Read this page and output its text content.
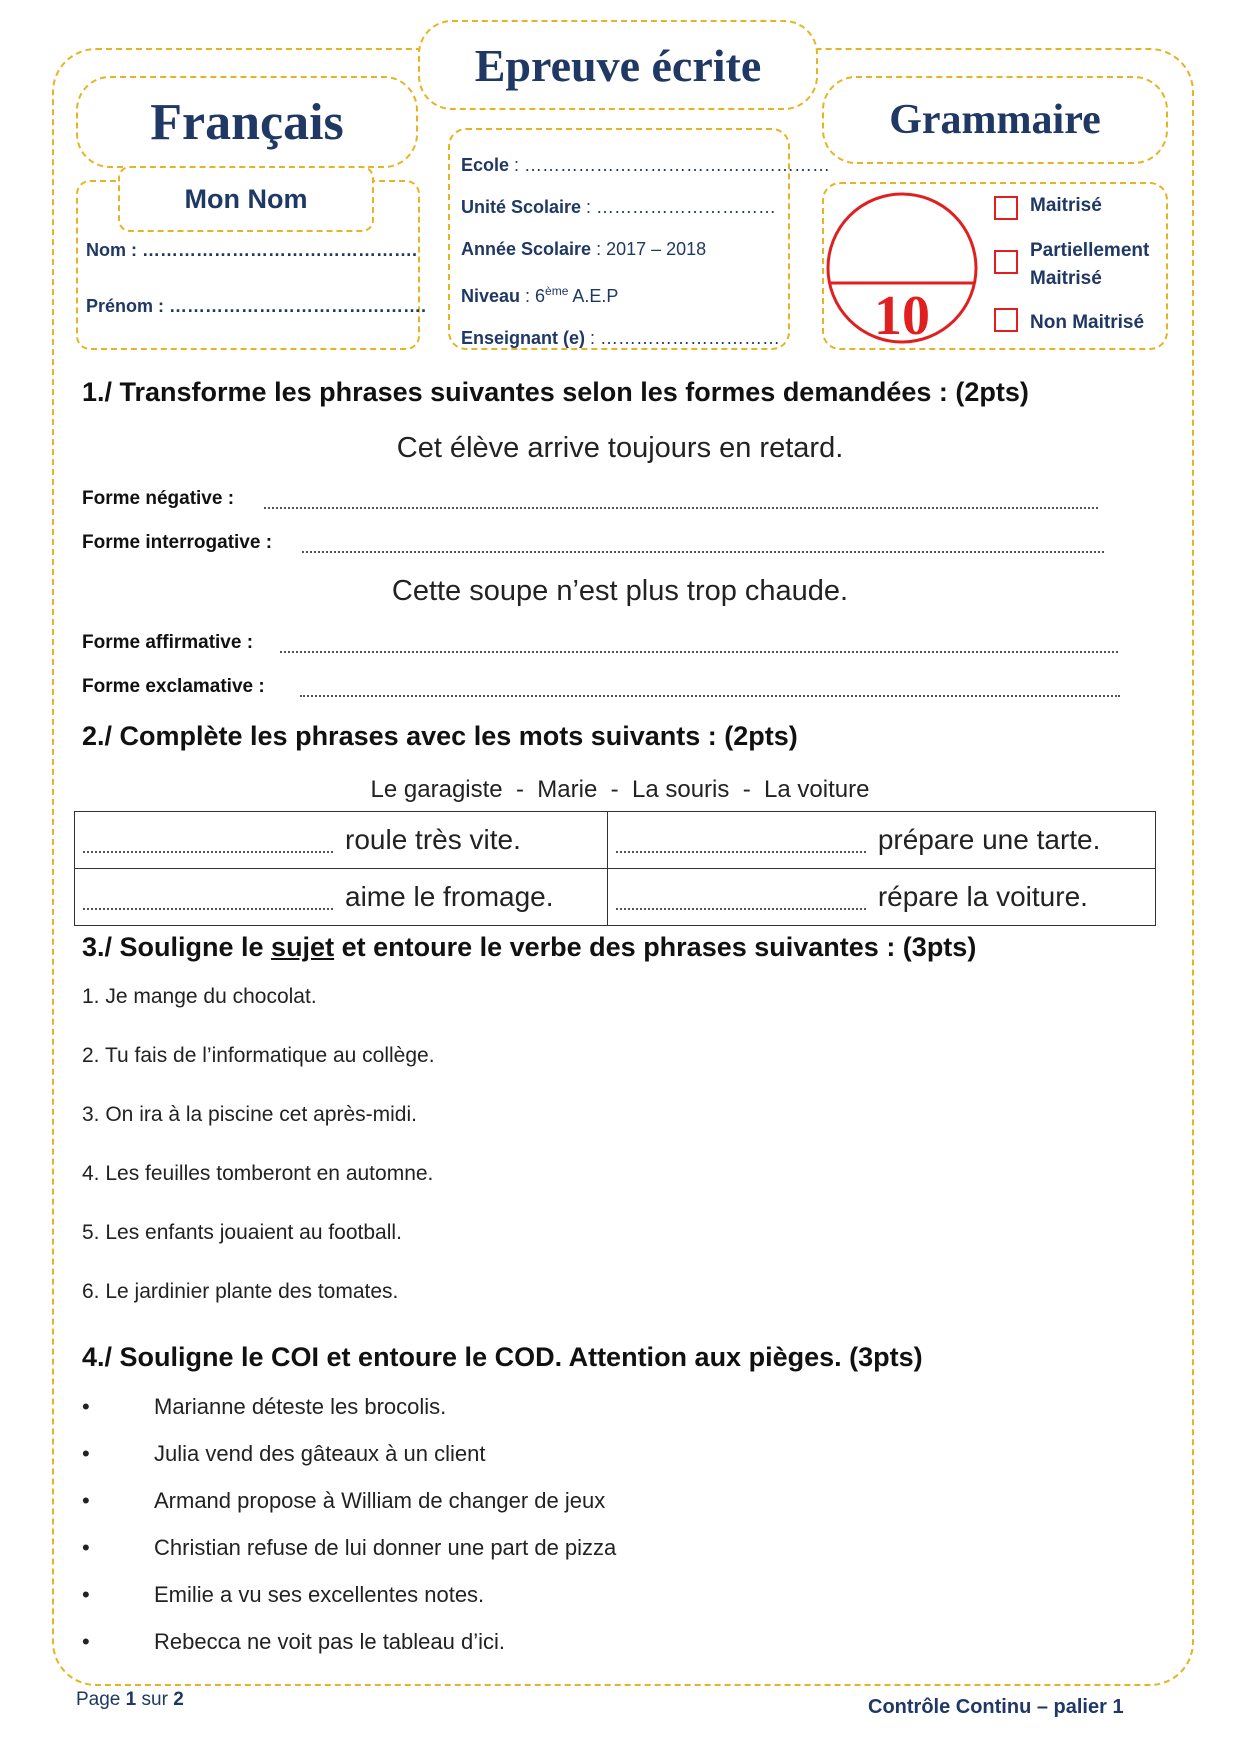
Français
Epreuve écrite
Grammaire
Mon Nom
Nom : ……………………………………….
Prénom : …………………………………….
Ecole : ……………………………………………
Unité Scolaire : …………………………
Année Scolaire : 2017 – 2018
Niveau : 6ème A.E.P
Enseignant (e) : …………………………	10
Maitrisé
Partiellement Maitrisé
Non Maitrisé
1./ Transforme les phrases suivantes selon les formes demandées : (2pts)
Cet élève arrive toujours en retard.
Forme négative :
Forme interrogative :
Cette soupe n’est plus trop chaude.
Forme affirmative :
Forme exclamative :
2./ Complète les phrases avec les mots suivants : (2pts)
Le garagiste  -  Marie  -  La souris  -  La voiture
roule très vite.	prépare une tarte.
aime le fromage.	répare la voiture.
3./ Souligne le sujet et entoure le verbe des phrases suivantes : (3pts)
1. Je mange du chocolat.
2. Tu fais de l’informatique au collège.
3. On ira à la piscine cet après-midi.
4. Les feuilles tomberont en automne.
5. Les enfants jouaient au football.
6. Le jardinier plante des tomates.
4./ Souligne le COI et entoure le COD. Attention aux pièges. (3pts)
•	Marianne déteste les brocolis.
•	Julia vend des gâteaux à un client
•	Armand propose à William de changer de jeux
•	Christian refuse de lui donner une part de pizza
•	Emilie a vu ses excellentes notes.
•	Rebecca ne voit pas le tableau d’ici.
Page 1 sur 2	Contrôle Continu – palier 1
